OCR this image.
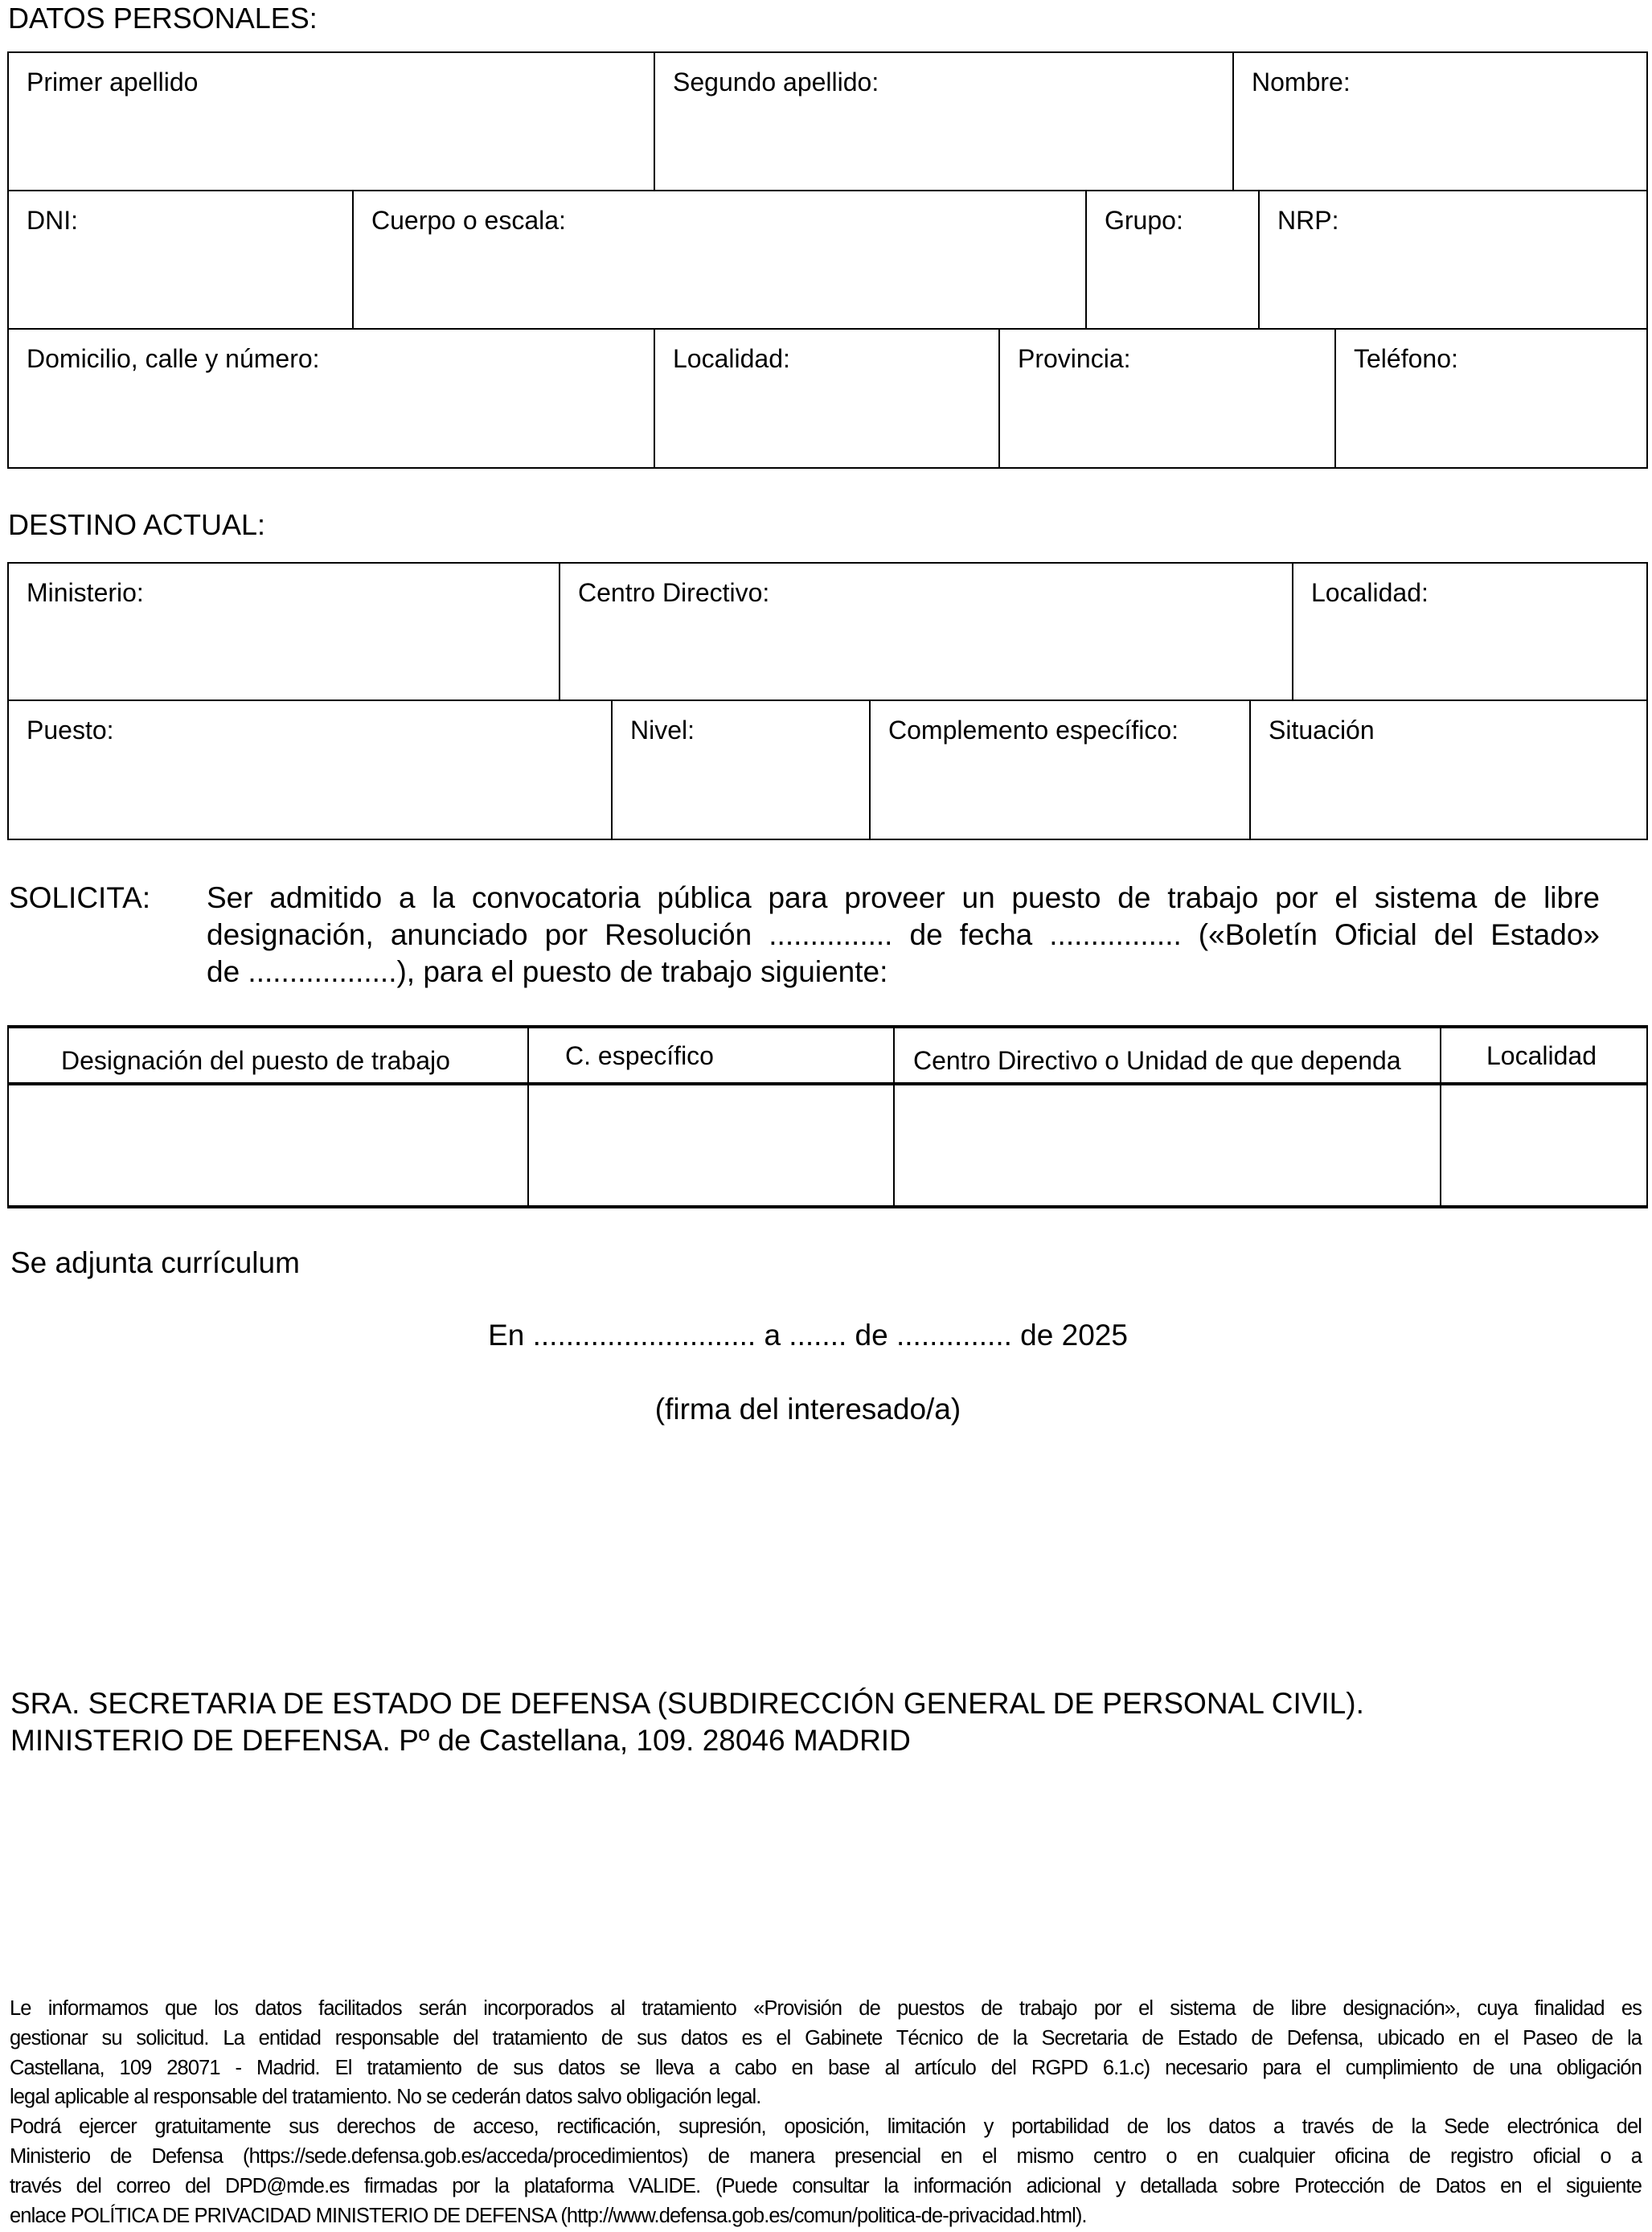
DATOS PERSONALES:
Primer apellido	Segundo apellido:	Nombre:
DNI:	Cuerpo o escala:	Grupo:	NRP:
Domicilio, calle y número:	Localidad:	Provincia:	Teléfono:
DESTINO ACTUAL:
Ministerio:	Centro Directivo:	Localidad:
Puesto:	Nivel:	Complemento específico:	Situación
SOLICITA: Ser admitido a la convocatoria pública para proveer un puesto de trabajo por el sistema de libre
designación, anunciado por Resolución ............... de fecha ................ («Boletín Oficial del Estado»
de ..................), para el puesto de trabajo siguiente:
Designación del puesto de trabajo	C. específico	Centro Directivo o Unidad de que dependa	Localidad
Se adjunta currículum
En ........................... a ....... de .............. de 2025
(firma del interesado/a)
SRA. SECRETARIA DE ESTADO DE DEFENSA (SUBDIRECCIÓN GENERAL DE PERSONAL CIVIL).
MINISTERIO DE DEFENSA. Pº de Castellana, 109. 28046 MADRID
Le informamos que los datos facilitados serán incorporados al tratamiento «Provisión de puestos de trabajo por el sistema de libre designación», cuya finalidad es
gestionar su solicitud. La entidad responsable del tratamiento de sus datos es el Gabinete Técnico de la Secretaria de Estado de Defensa, ubicado en el Paseo de la
Castellana, 109 28071 - Madrid. El tratamiento de sus datos se lleva a cabo en base al artículo del RGPD 6.1.c) necesario para el cumplimiento de una obligación
legal aplicable al responsable del tratamiento. No se cederán datos salvo obligación legal.
Podrá ejercer gratuitamente sus derechos de acceso, rectificación, supresión, oposición, limitación y portabilidad de los datos a través de la Sede electrónica del
Ministerio de Defensa (https://sede.defensa.gob.es/acceda/procedimientos) de manera presencial en el mismo centro o en cualquier oficina de registro oficial o a
través del correo del DPD@mde.es firmadas por la plataforma VALIDE. (Puede consultar la información adicional y detallada sobre Protección de Datos en el siguiente
enlace POLÍTICA DE PRIVACIDAD MINISTERIO DE DEFENSA (http://www.defensa.gob.es/comun/politica-de-privacidad.html).
